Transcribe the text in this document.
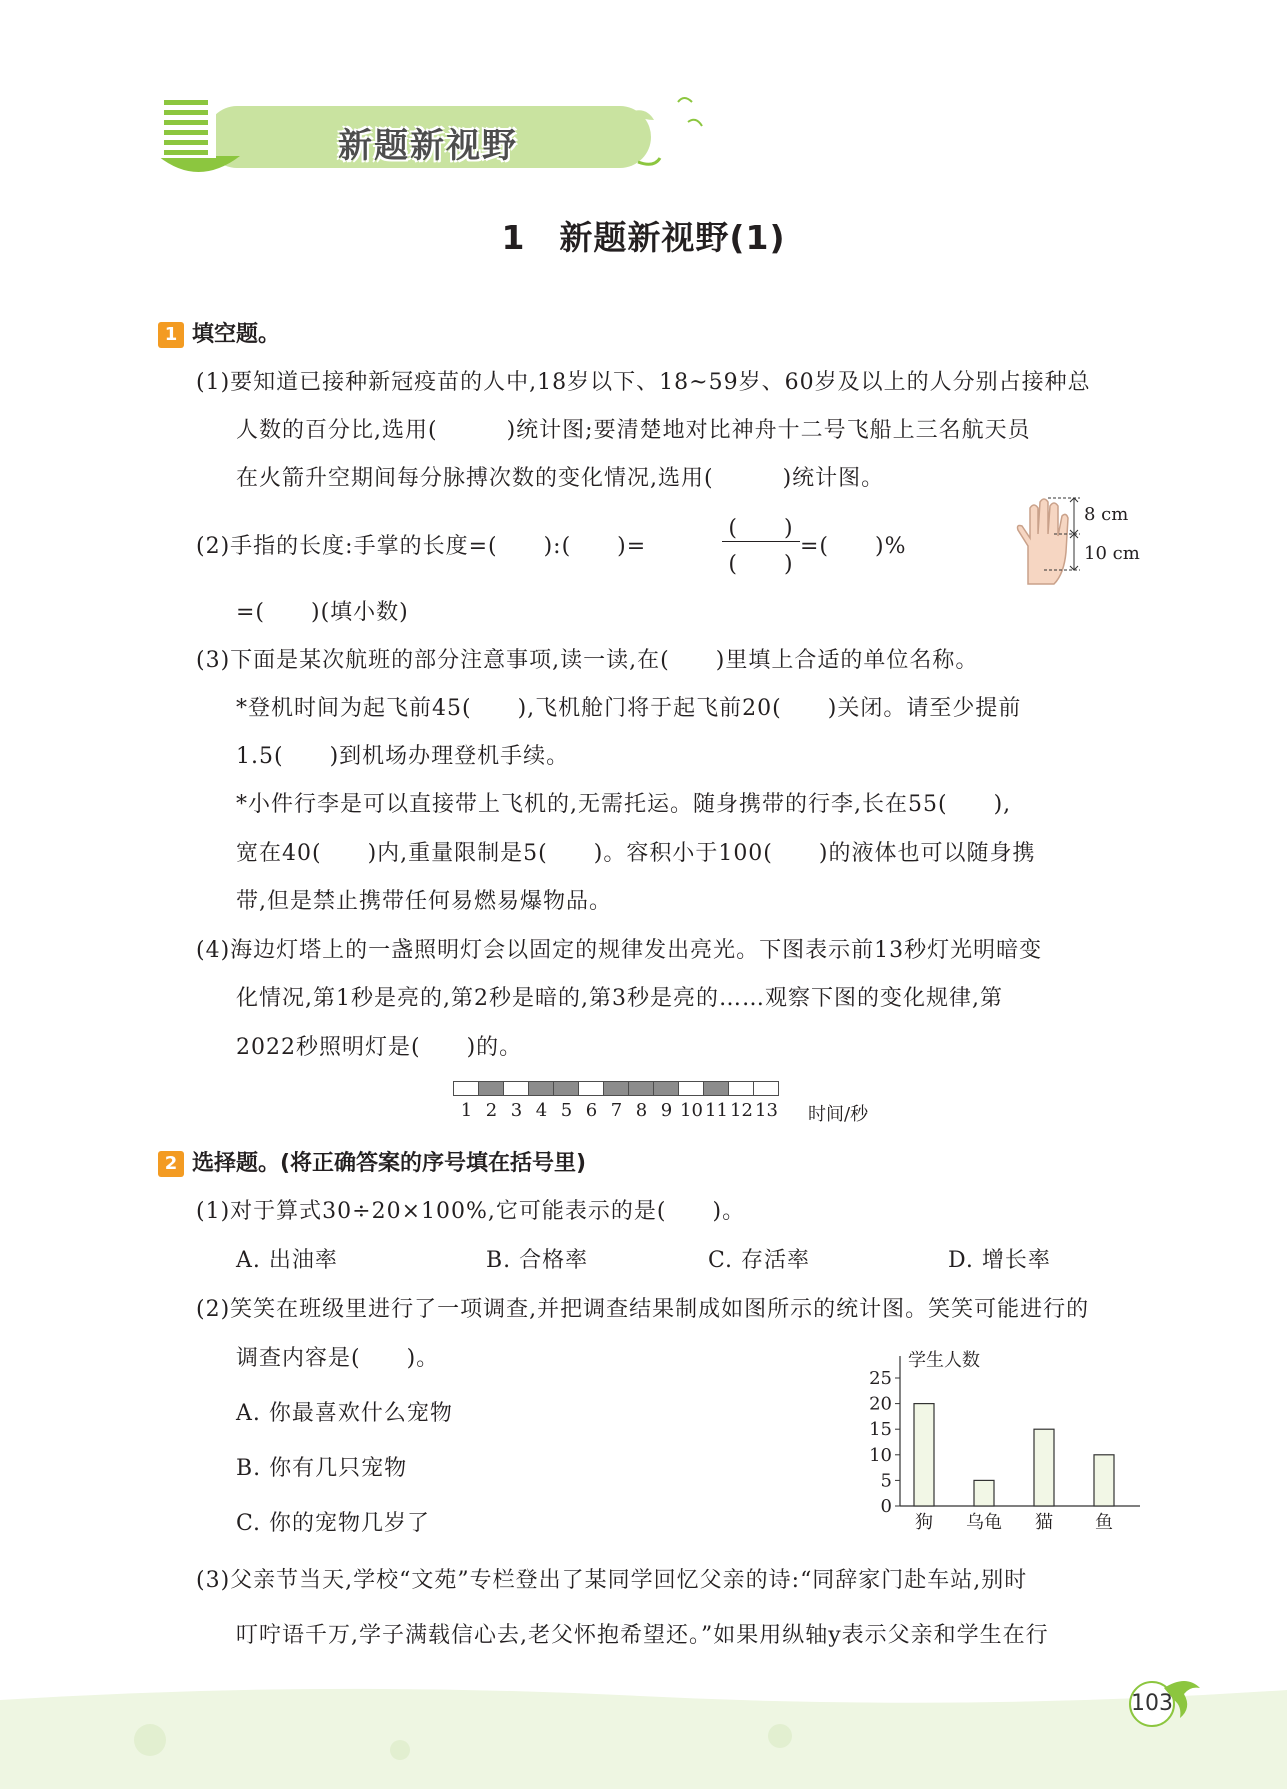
新题新视野
1　新题新视野(1)
1 填空题。
(1)要知道已接种新冠疫苗的人中,18岁以下、18~59岁、60岁及以上的人分别占接种总
人数的百分比,选用(　　　)统计图;要清楚地对比神舟十二号飞船上三名航天员
在火箭升空期间每分脉搏次数的变化情况,选用(　　　)统计图。
(2)手指的长度:手掌的长度=(　　):(　　)=
(　　)
(　　)
=(　　)%
8 cm
10 cm
=(　　)(填小数)
(3)下面是某次航班的部分注意事项,读一读,在(　　)里填上合适的单位名称。
*登机时间为起飞前45(　　),飞机舱门将于起飞前20(　　)关闭。请至少提前
1.5(　　)到机场办理登机手续。
*小件行李是可以直接带上飞机的,无需托运。随身携带的行李,长在55(　　),
宽在40(　　)内,重量限制是5(　　)。容积小于100(　　)的液体也可以随身携
带,但是禁止携带任何易燃易爆物品。
(4)海边灯塔上的一盏照明灯会以固定的规律发出亮光。下图表示前13秒灯光明暗变
化情况,第1秒是亮的,第2秒是暗的,第3秒是亮的……观察下图的变化规律,第
2022秒照明灯是(　　)的。
1 2 3 4 5 6 7 8 9 10 11 12 13 时间/秒
2 选择题。(将正确答案的序号填在括号里)
(1)对于算式30÷20×100%,它可能表示的是(　　)。
A. 出油率	B. 合格率	C. 存活率	D. 增长率
(2)笑笑在班级里进行了一项调查,并把调查结果制成如图所示的统计图。笑笑可能进行的
调查内容是(　　)。
A. 你最喜欢什么宠物
B. 你有几只宠物
C. 你的宠物几岁了
学生人数
0
5
10
15
20
25
狗 乌龟 猫 鱼
(3)父亲节当天,学校“文苑”专栏登出了某同学回忆父亲的诗:“同辞家门赴车站,别时
叮咛语千万,学子满载信心去,老父怀抱希望还。”如果用纵轴y表示父亲和学生在行
103
